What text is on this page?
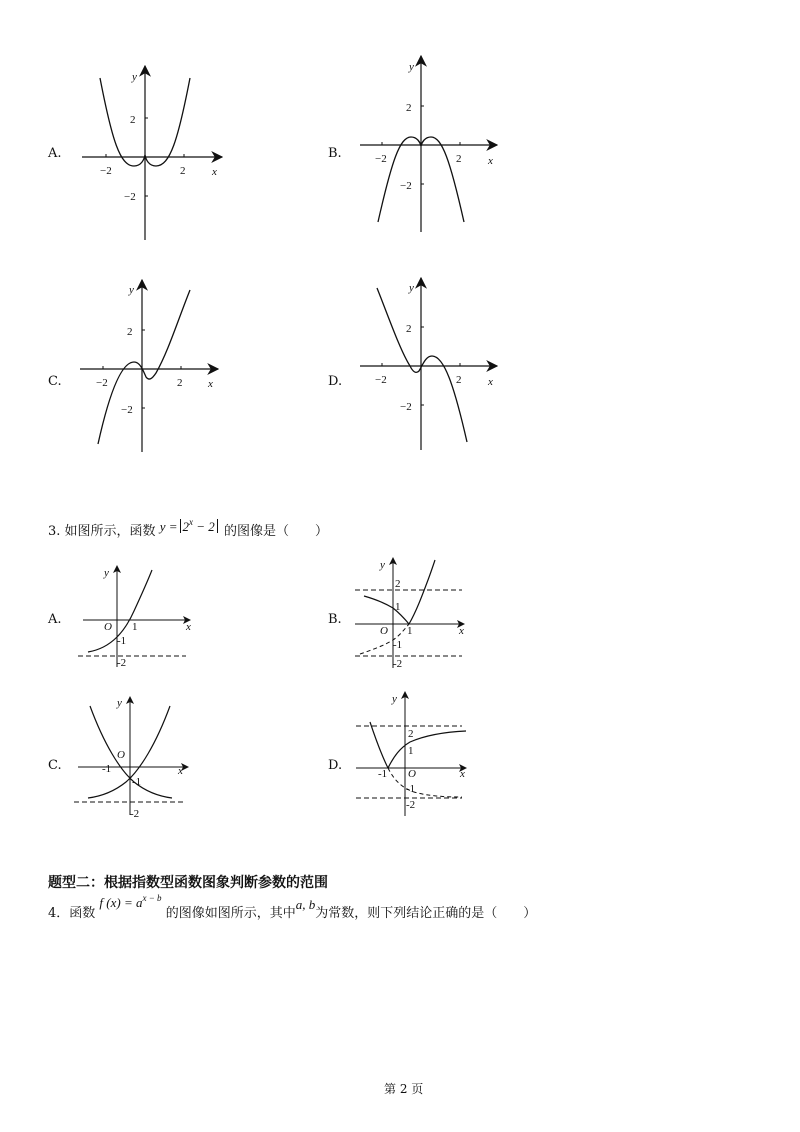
A.	B.
C.	D.
−2	2
2
−2
y
x
−2	2
2
−2
y
x
−2	2
2
−2
y
x	−2	2
2
−2
y
x
3. 如图所示，函数 $y = 2^x - 2$ 的图像是（　　）
A.	B.
C.	D.
y
x
O 1
-1
-2
y
x
O
2
1
1
-1
-2
y
x
O
-1
-1
-2
y
x
O
2
1
-1
-1
-2
题型二：根据指数型函数图象判断参数的范围
4．函数 f $(x) = a^{x - b}$ 的图像如图所示，其中a, b为常数，则下列结论正确的是（　　）
第 2 页
